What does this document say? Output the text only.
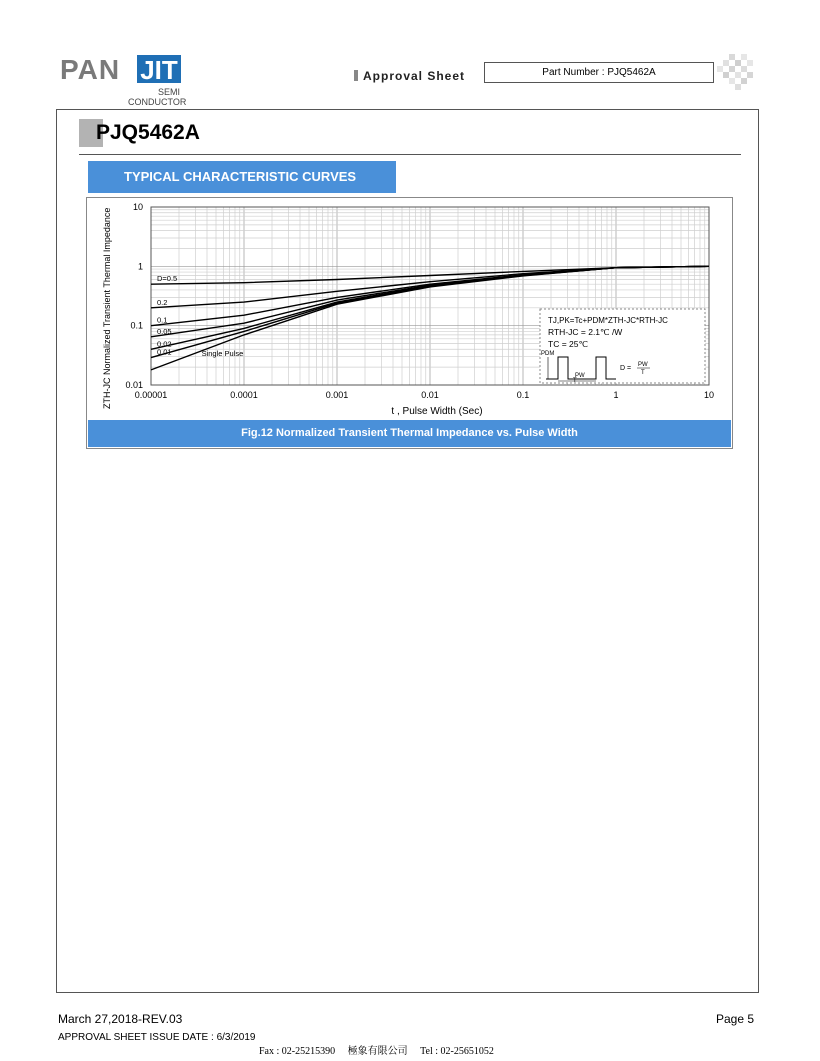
PAN JIT
SEMI
CONDUCTOR
Approval Sheet	Part Number : PJQ5462A
PJQ5462A
TYPICAL CHARACTERISTIC CURVES
D=0.5
0.2
0.1
0.05
0.02
0.01	Single Pulse
0.00001	0.0001	0.001	0.01	0.1	1	10
0.01
0.1
1
10
t , Pulse Width (Sec)
ZTH-JC Normalized Transient Thermal Impedance	TJ,PK=Tc+PDM*ZTH-JC*RTH-JC
RTH-JC = 2.1℃ /W
TC = 25℃
PDM
PW
T
D = PW
T
Fig.12 Normalized Transient Thermal Impedance vs. Pulse Width
March 27,2018-REV.03	Page 5
APPROVAL SHEET ISSUE DATE : 6/3/2019
Fax : 02-25215390     極象有限公司     Tel : 02-25651052
